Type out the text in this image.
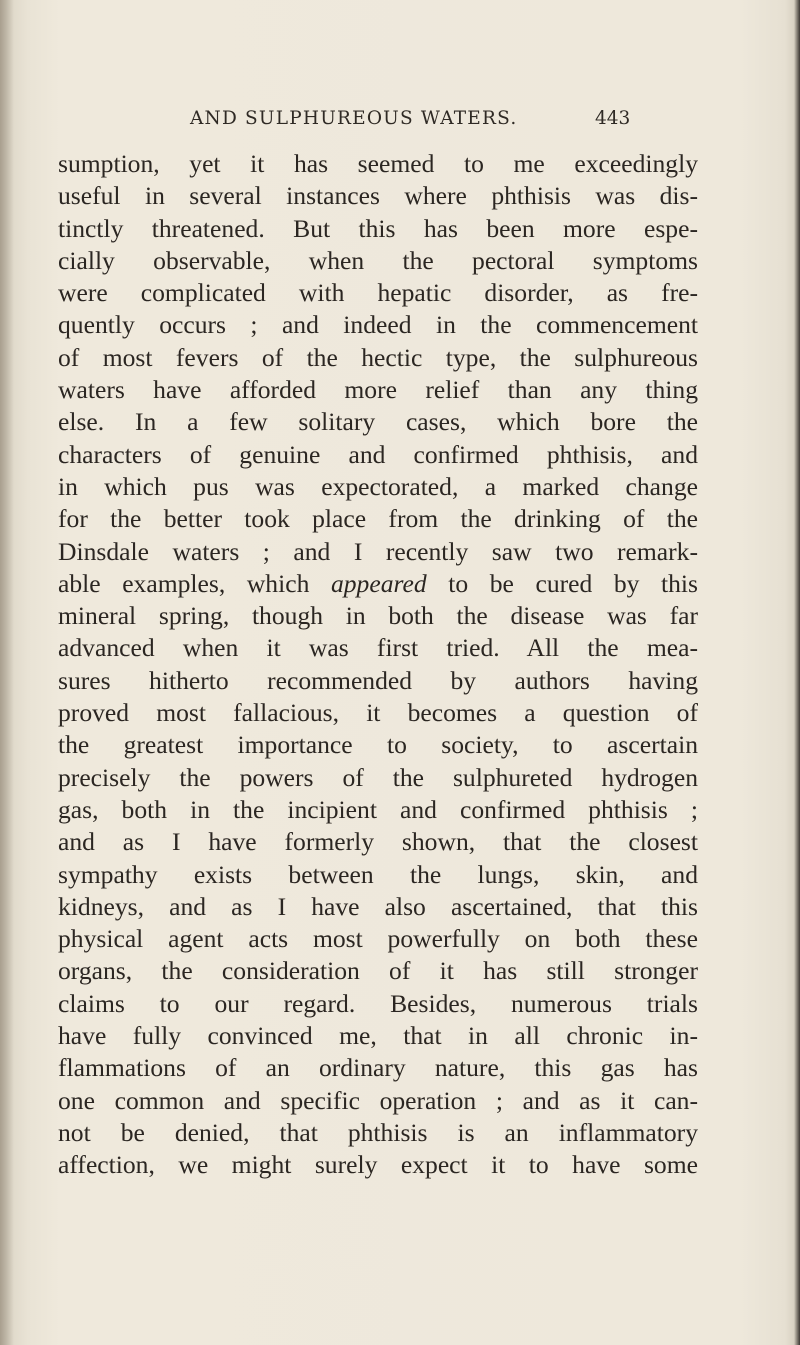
AND SULPHUREOUS WATERS.	443
sumption, yet it has seemed to me exceedingly
useful in several instances where phthisis was dis-
tinctly threatened. But this has been more espe-
cially observable, when the pectoral symptoms
were complicated with hepatic disorder, as fre-
quently occurs ; and indeed in the commencement
of most fevers of the hectic type, the sulphureous
waters have afforded more relief than any thing
else. In a few solitary cases, which bore the
characters of genuine and confirmed phthisis, and
in which pus was expectorated, a marked change
for the better took place from the drinking of the
Dinsdale waters ; and I recently saw two remark-
able examples, which appeared to be cured by this
mineral spring, though in both the disease was far
advanced when it was first tried. All the mea-
sures hitherto recommended by authors having
proved most fallacious, it becomes a question of
the greatest importance to society, to ascertain
precisely the powers of the sulphureted hydrogen
gas, both in the incipient and confirmed phthisis ;
and as I have formerly shown, that the closest
sympathy exists between the lungs, skin, and
kidneys, and as I have also ascertained, that this
physical agent acts most powerfully on both these
organs, the consideration of it has still stronger
claims to our regard. Besides, numerous trials
have fully convinced me, that in all chronic in-
flammations of an ordinary nature, this gas has
one common and specific operation ; and as it can-
not be denied, that phthisis is an inflammatory
affection, we might surely expect it to have some
